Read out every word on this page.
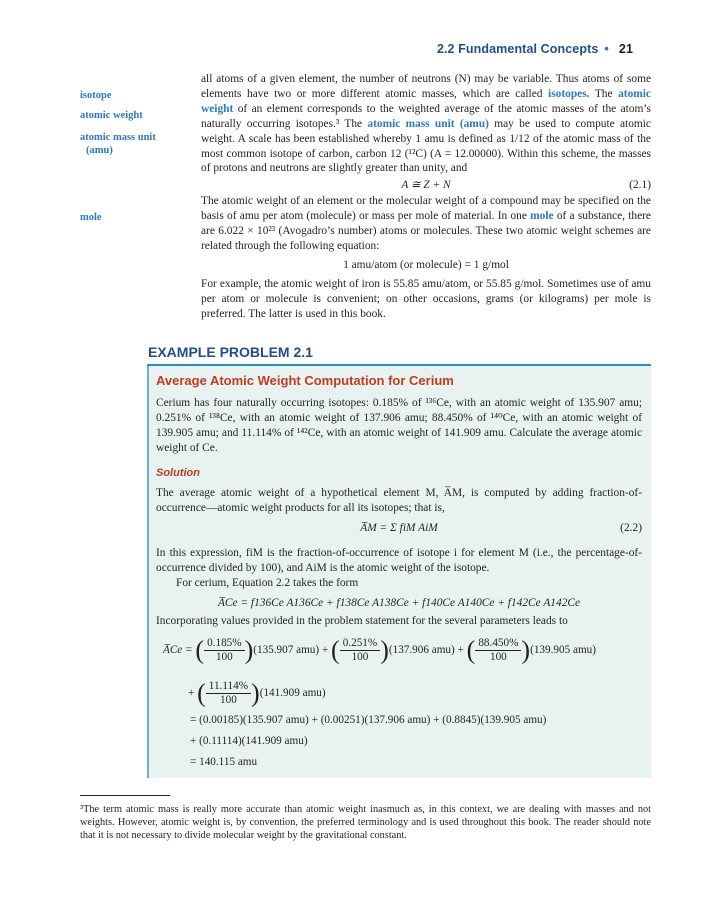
2.2 Fundamental Concepts • 21
isotope
atomic weight
atomic mass unit
(amu)
mole

all atoms of a given element, the number of neutrons (N) may be variable. Thus atoms of some elements have two or more different atomic masses, which are called isotopes. The atomic weight of an element corresponds to the weighted average of the atomic masses of the atom’s naturally occurring isotopes.³ The atomic mass unit (amu) may be used to compute atomic weight. A scale has been established whereby 1 amu is defined as 1/12 of the atomic mass of the most common isotope of carbon, carbon 12 (¹²C) (A = 12.00000). Within this scheme, the masses of protons and neutrons are slightly greater than unity, and

A ≅ Z + N	(2.1)

The atomic weight of an element or the molecular weight of a compound may be specified on the basis of amu per atom (molecule) or mass per mole of material. In one mole of a substance, there are 6.022 × 10²³ (Avogadro’s number) atoms or molecules. These two atomic weight schemes are related through the following equation:

1 amu/atom (or molecule) = 1 g/mol

For example, the atomic weight of iron is 55.85 amu/atom, or 55.85 g/mol. Sometimes use of amu per atom or molecule is convenient; on other occasions, grams (or kilograms) per mole is preferred. The latter is used in this book.

EXAMPLE PROBLEM 2.1
Average Atomic Weight Computation for Cerium

Cerium has four naturally occurring isotopes: 0.185% of ¹³⁶Ce, with an atomic weight of 135.907 amu; 0.251% of ¹³⁸Ce, with an atomic weight of 137.906 amu; 88.450% of ¹⁴⁰Ce, with an atomic weight of 139.905 amu; and 11.114% of ¹⁴²Ce, with an atomic weight of 141.909 amu. Calculate the average atomic weight of Ce.

Solution

The average atomic weight of a hypothetical element M, A̅M, is computed by adding fraction-of-occurrence—atomic weight products for all its isotopes; that is,

A̅M = Σ fiM AiM	(2.2)

In this expression, fiM is the fraction-of-occurrence of isotope i for element M (i.e., the percentage-of-occurrence divided by 100), and AiM is the atomic weight of the isotope.

For cerium, Equation 2.2 takes the form

A̅Ce = f136Ce A136Ce + f138Ce A138Ce + f140Ce A140Ce + f142Ce A142Ce

Incorporating values provided in the problem statement for the several parameters leads to

A̅Ce = ( $\frac{0.185\%}{100} )(135.907$ amu) + ( $\frac{0.251\%}{100} )(137.906$ amu) + ( $\frac{88.450\%}{100} )(139.905$ amu)
+ ( $\frac{11.114\%}{100} )(141.909$ amu)
= (0.00185)(135.907 amu) + (0.00251)(137.906 amu) + (0.8845)(139.905 amu)
+ (0.11114)(141.909 amu)
= 140.115 amu
³The term atomic mass is really more accurate than atomic weight inasmuch as, in this context, we are dealing with masses and not weights. However, atomic weight is, by convention, the preferred terminology and is used throughout this book. The reader should note that it is not necessary to divide molecular weight by the gravitational constant.
